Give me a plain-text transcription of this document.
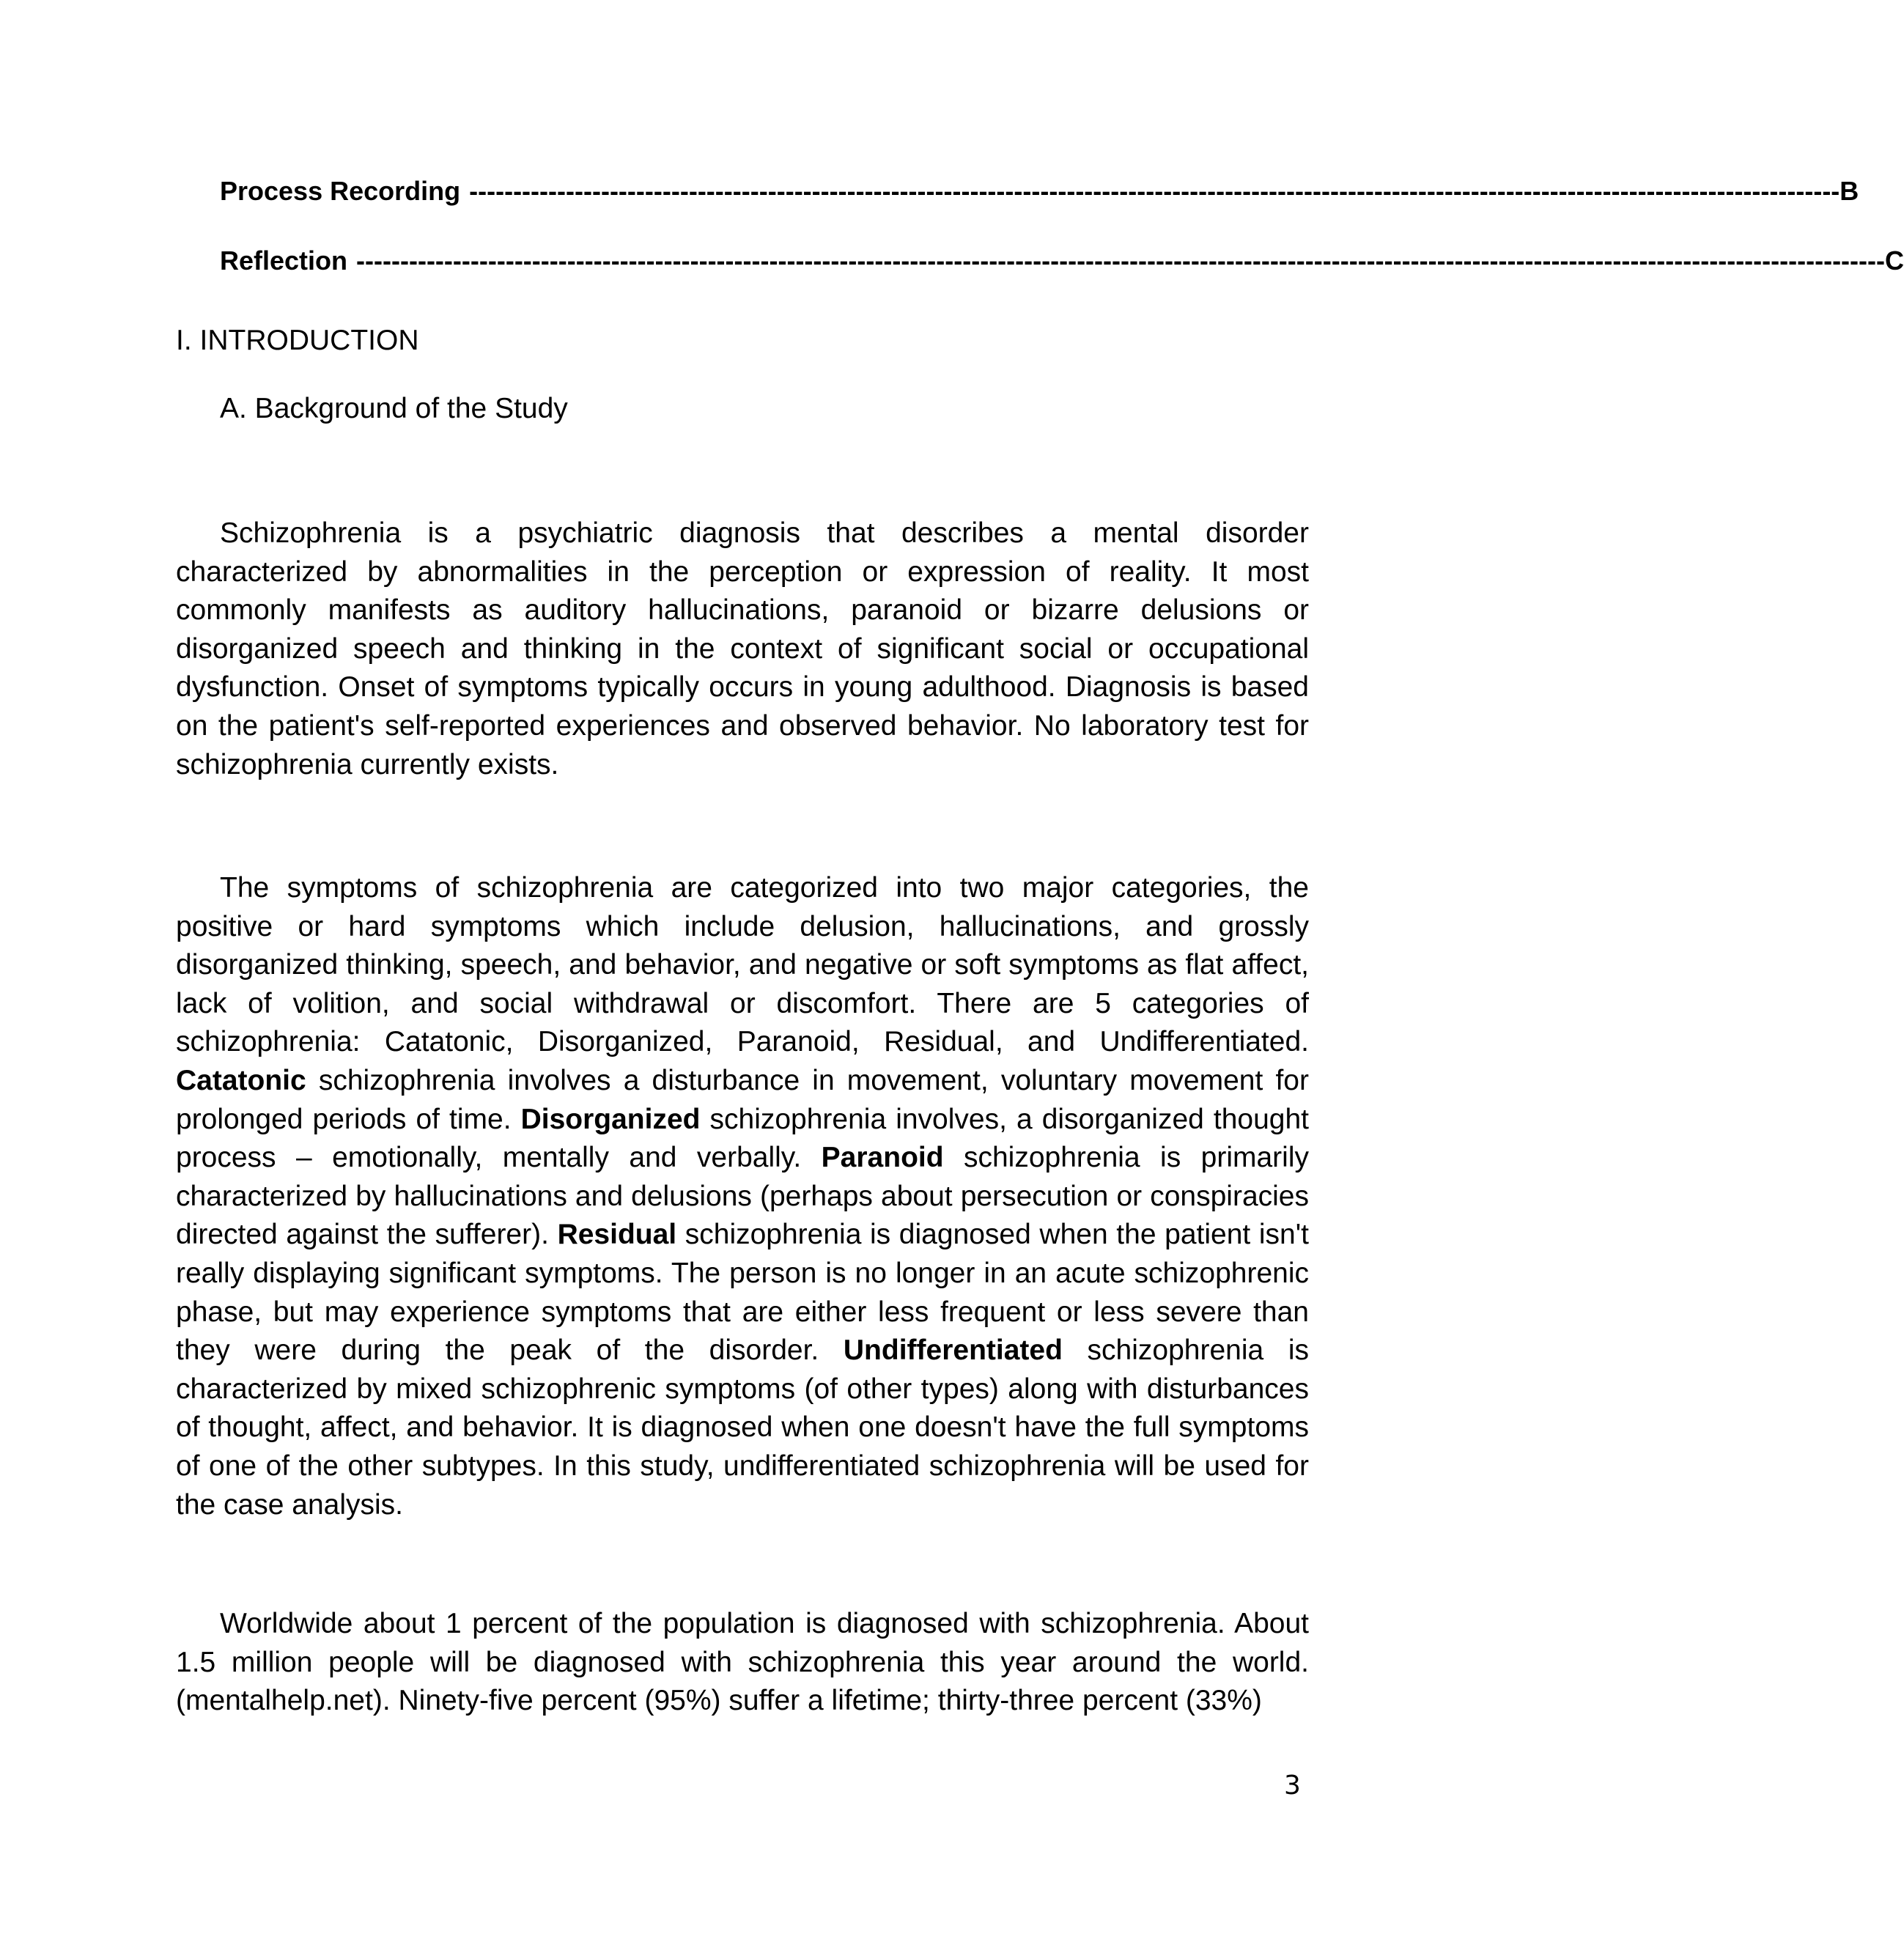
Process Recording ------------------------------------------------------------------------------------------------------------------------------------------------------------ B
Reflection ------------------------------------------------------------------------------------------------------------------------------------------------------------------------------ C
I. INTRODUCTION
A. Background of the Study

Schizophrenia is a psychiatric diagnosis that describes a mental disorder characterized by abnormalities in the perception or expression of reality. It most commonly manifests as auditory hallucinations, paranoid or bizarre delusions or disorganized speech and thinking in the context of significant social or occupational dysfunction. Onset of symptoms typically occurs in young adulthood. Diagnosis is based on the patient's self-reported experiences and observed behavior. No laboratory test for schizophrenia currently exists.

The symptoms of schizophrenia are categorized into two major categories, the positive or hard symptoms which include delusion, hallucinations, and grossly disorganized thinking, speech, and behavior, and negative or soft symptoms as flat affect, lack of volition, and social withdrawal or discomfort. There are 5 categories of schizophrenia: Catatonic, Disorganized, Paranoid, Residual, and Undifferentiated. Catatonic schizophrenia involves a disturbance in movement, voluntary movement for prolonged periods of time. Disorganized schizophrenia involves, a disorganized thought process – emotionally, mentally and verbally. Paranoid schizophrenia is primarily characterized by hallucinations and delusions (perhaps about persecution or conspiracies directed against the sufferer). Residual schizophrenia is diagnosed when the patient isn't really displaying significant symptoms. The person is no longer in an acute schizophrenic phase, but may experience symptoms that are either less frequent or less severe than they were during the peak of the disorder. Undifferentiated schizophrenia is characterized by mixed schizophrenic symptoms (of other types) along with disturbances of thought, affect, and behavior. It is diagnosed when one doesn't have the full symptoms of one of the other subtypes. In this study, undifferentiated schizophrenia will be used for the case analysis.

Worldwide about 1 percent of the population is diagnosed with schizophrenia. About 1.5 million people will be diagnosed with schizophrenia this year around the world. (mentalhelp.net). Ninety-five percent (95%) suffer a lifetime; thirty-three percent (33%)

3
